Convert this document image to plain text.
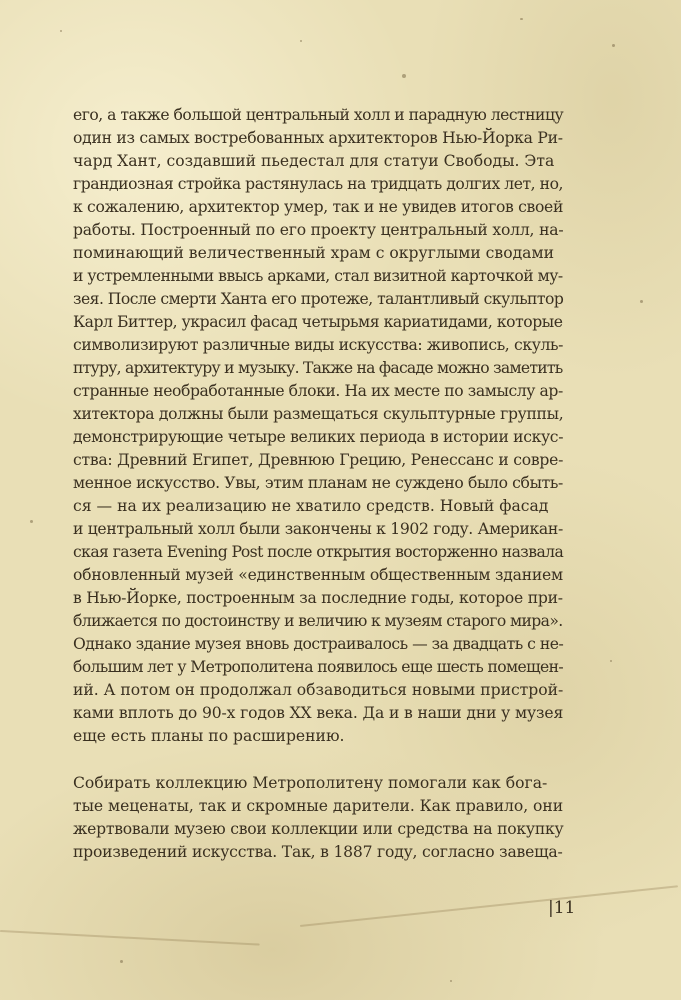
его, а также большой центральный холл и парадную лестницу
один из самых востребованных архитекторов Нью-Йорка Ри-
чард Хант, создавший пьедестал для статуи Свободы. Эта
грандиозная стройка растянулась на тридцать долгих лет, но,
к сожалению, архитектор умер, так и не увидев итогов своей
работы. Построенный по его проекту центральный холл, на-
поминающий величественный храм с округлыми сводами
и устремленными ввысь арками, стал визитной карточкой му-
зея. После смерти Ханта его протеже, талантливый скульптор
Карл Биттер, украсил фасад четырьмя кариатидами, которые
символизируют различные виды искусства: живопись, скуль-
птуру, архитектуру и музыку. Также на фасаде можно заметить
странные необработанные блоки. На их месте по замыслу ар-
хитектора должны были размещаться скульптурные группы,
демонстрирующие четыре великих периода в истории искус-
ства: Древний Египет, Древнюю Грецию, Ренессанс и совре-
менное искусство. Увы, этим планам не суждено было сбыть-
ся — на их реализацию не хватило средств. Новый фасад
и центральный холл были закончены к 1902 году. Американ-
ская газета Evening Post после открытия восторженно назвала
обновленный музей «единственным общественным зданием
в Нью-Йорке, построенным за последние годы, которое при-
ближается по достоинству и величию к музеям старого мира».
Однако здание музея вновь достраивалось — за двадцать с не-
большим лет у Метрополитена появилось еще шесть помещен-
ий. А потом он продолжал обзаводиться новыми пристрой-
ками вплоть до 90-х годов XX века. Да и в наши дни у музея
еще есть планы по расширению.
Собирать коллекцию Метрополитену помогали как бога-
тые меценаты, так и скромные дарители. Как правило, они
жертвовали музею свои коллекции или средства на покупку
произведений искусства. Так, в 1887 году, согласно завеща-
|11
